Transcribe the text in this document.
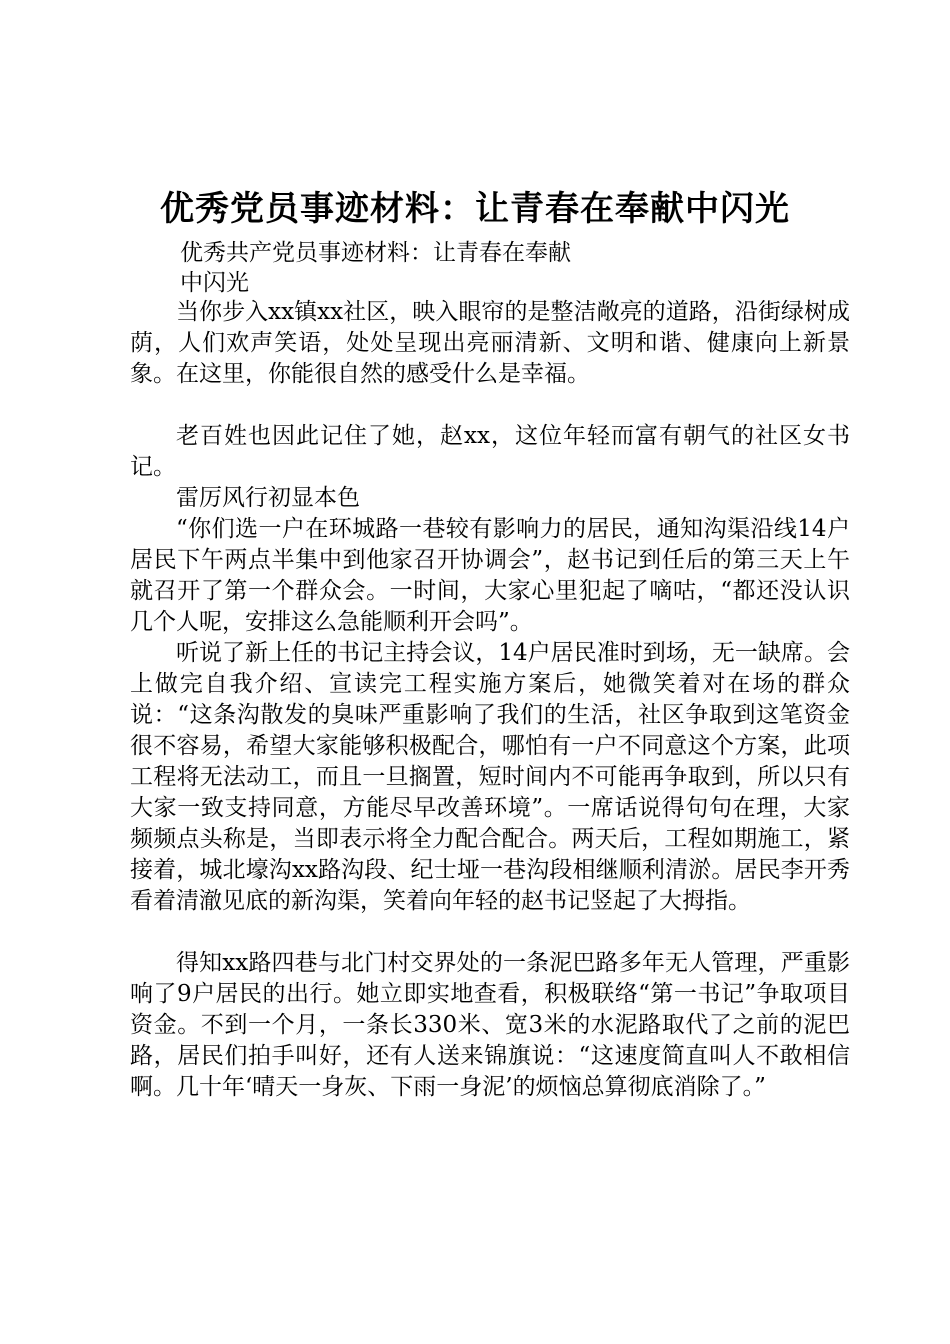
优秀党员事迹材料：让青春在奉献中闪光
优秀共产党员事迹材料：让青春在奉献
中闪光

当你步入xx镇xx社区，映入眼帘的是整洁敞亮的道路，沿街绿树成荫，人们欢声笑语，处处呈现出亮丽清新、文明和谐、健康向上新景象。在这里，你能很自然的感受什么是幸福。

老百姓也因此记住了她，赵xx，这位年轻而富有朝气的社区女书记。

雷厉风行初显本色

“你们选一户在环城路一巷较有影响力的居民，通知沟渠沿线14户居民下午两点半集中到他家召开协调会”，赵书记到任后的第三天上午就召开了第一个群众会。一时间，大家心里犯起了嘀咕，“都还没认识几个人呢，安排这么急能顺利开会吗”。

听说了新上任的书记主持会议，14户居民准时到场，无一缺席。会上做完自我介绍、宣读完工程实施方案后，她微笑着对在场的群众说：“这条沟散发的臭味严重影响了我们的生活，社区争取到这笔资金很不容易，希望大家能够积极配合，哪怕有一户不同意这个方案，此项工程将无法动工，而且一旦搁置，短时间内不可能再争取到，所以只有大家一致支持同意，方能尽早改善环境”。一席话说得句句在理，大家频频点头称是，当即表示将全力配合配合。两天后，工程如期施工，紧接着，城北壕沟xx路沟段、纪士垭一巷沟段相继顺利清淤。居民李开秀看着清澈见底的新沟渠，笑着向年轻的赵书记竖起了大拇指。

得知xx路四巷与北门村交界处的一条泥巴路多年无人管理，严重影响了9户居民的出行。她立即实地查看，积极联络“第一书记”争取项目资金。不到一个月，一条长330米、宽3米的水泥路取代了之前的泥巴路，居民们拍手叫好，还有人送来锦旗说：“这速度简直叫人不敢相信啊。几十年‘晴天一身灰、下雨一身泥’的烦恼总算彻底消除了。”
